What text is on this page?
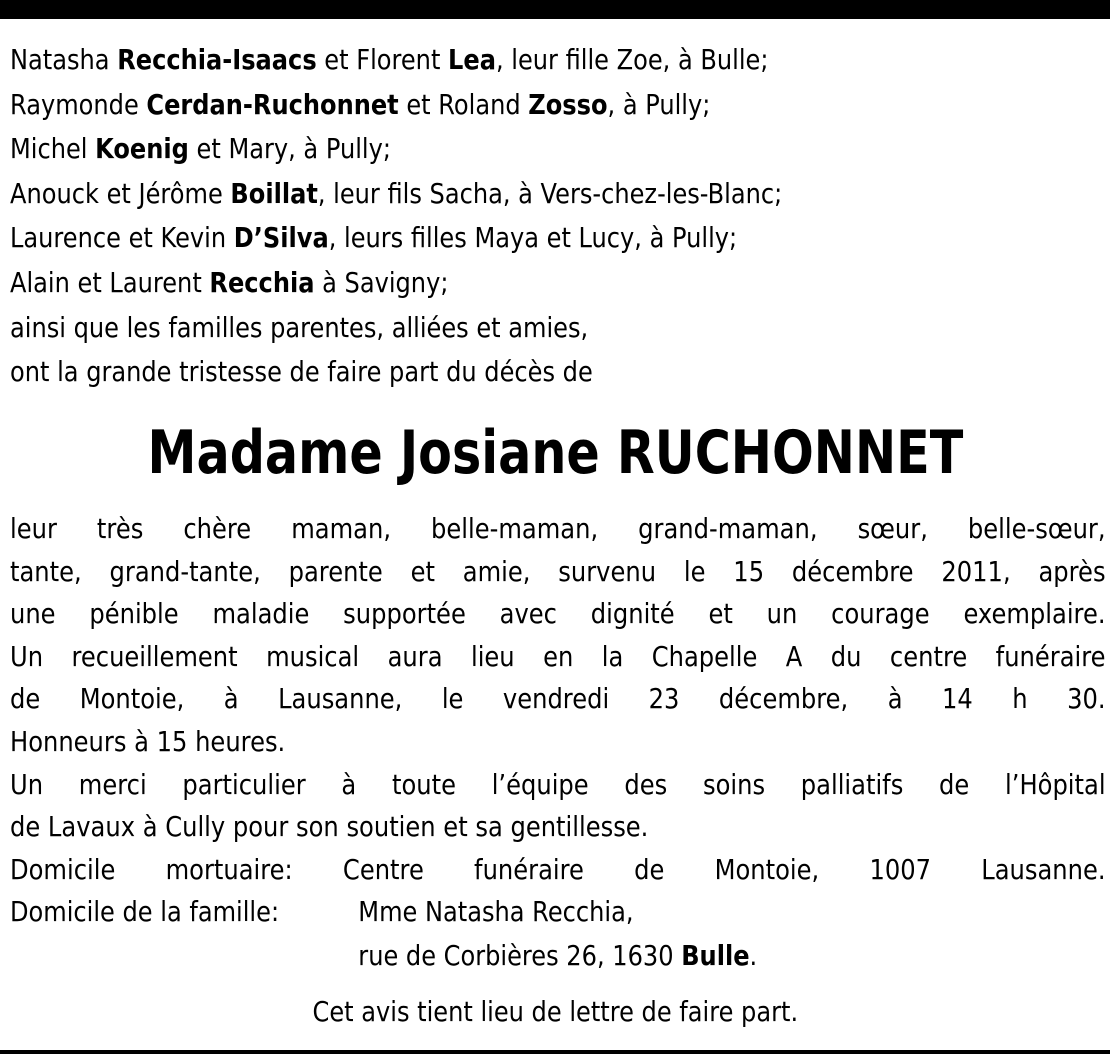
Natasha Recchia-Isaacs et Florent Lea, leur fille Zoe, à Bulle;
Raymonde Cerdan-Ruchonnet et Roland Zosso, à Pully;
Michel Koenig et Mary, à Pully;
Anouck et Jérôme Boillat, leur fils Sacha, à Vers-chez-les-Blanc;
Laurence et Kevin D’Silva, leurs filles Maya et Lucy, à Pully;
Alain et Laurent Recchia à Savigny;
ainsi que les familles parentes, alliées et amies,
ont la grande tristesse de faire part du décès de
Madame Josiane RUCHONNET
leur très chère maman, belle-maman, grand-maman, sœur, belle-sœur,
tante, grand-tante, parente et amie, survenu le 15 décembre 2011, après
une pénible maladie supportée avec dignité et un courage exemplaire.
Un recueillement musical aura lieu en la Chapelle A du centre funéraire
de Montoie, à Lausanne, le vendredi 23 décembre, à 14 h 30.
Honneurs à 15 heures.
Un merci particulier à toute l’équipe des soins palliatifs de l’Hôpital
de Lavaux à Cully pour son soutien et sa gentillesse.
Domicile mortuaire: Centre funéraire de Montoie, 1007 Lausanne.
Domicile de la famille:	Mme Natasha Recchia,
rue de Corbières 26, 1630 Bulle.
Cet avis tient lieu de lettre de faire part.
